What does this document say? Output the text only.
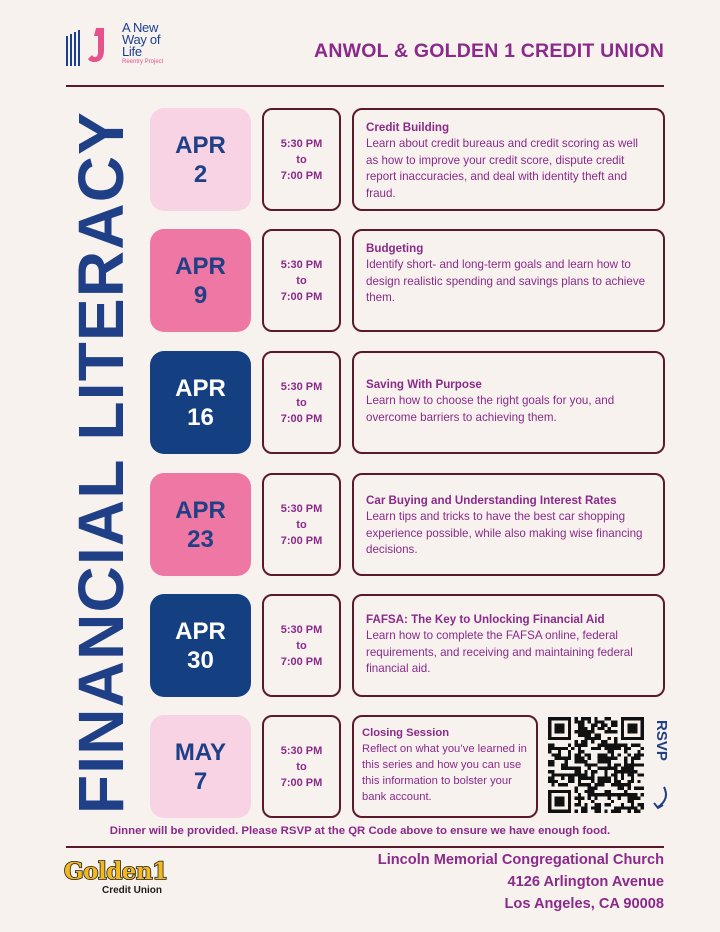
A New
Way of
Life
Reentry Project	ANWOL & GOLDEN 1 CREDIT UNION
FINANCIAL LITERACY APR
2
5:30 PM
to
7:00 PM
Credit Building
Learn about credit bureaus and credit scoring as well as how to improve your credit score, dispute credit report inaccuracies, and deal with identity theft and fraud.
APR
9
5:30 PM
to
7:00 PM
Budgeting
Identify short- and long-term goals and learn how to design realistic spending and savings plans to achieve them.
APR
16
5:30 PM
to
7:00 PM
Saving With Purpose
Learn how to choose the right goals for you, and overcome barriers to achieving them.
APR
23
5:30 PM
to
7:00 PM
Car Buying and Understanding Interest Rates
Learn tips and tricks to have the best car shopping experience possible, while also making wise financing decisions.
APR
30
5:30 PM
to
7:00 PM
FAFSA: The Key to Unlocking Financial Aid
Learn how to complete the FAFSA online, federal requirements, and receiving and maintaining federal financial aid.
MAY
7
5:30 PM
to
7:00 PM
Closing Session
Reflect on what you’ve learned in this series and how you can use this information to bolster your bank account.
RSVP
Dinner will be provided. Please RSVP at the QR Code above to ensure we have enough food.
Golden1
Credit Union
Lincoln Memorial Congregational Church
4126 Arlington Avenue
Los Angeles, CA 90008
